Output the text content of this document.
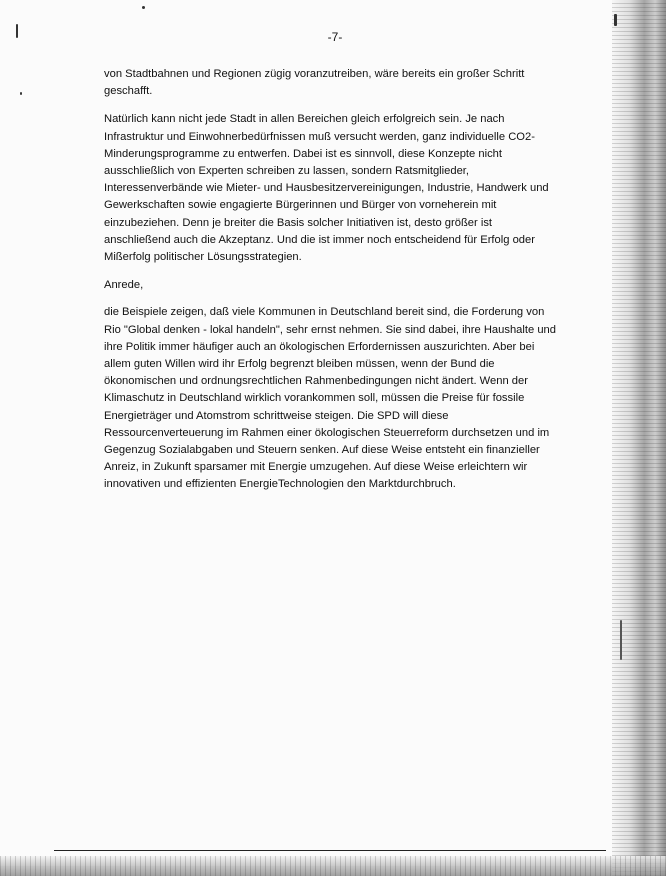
-7-

von Stadtbahnen und Regionen zügig voranzutreiben, wäre bereits ein großer Schritt geschafft.

Natürlich kann nicht jede Stadt in allen Bereichen gleich erfolgreich sein. Je nach Infrastruktur und Einwohnerbedürfnissen muß versucht werden, ganz individuelle CO2-Minderungsprogramme zu entwerfen. Dabei ist es sinnvoll, diese Konzepte nicht ausschließlich von Experten schreiben zu lassen, sondern Ratsmitglieder, Interessenverbände wie Mieter- und Hausbesitzervereinigungen, Industrie, Handwerk und Gewerkschaften sowie engagierte Bürgerinnen und Bürger von vorneherein mit einzubeziehen. Denn je breiter die Basis solcher Initiativen ist, desto größer ist anschließend auch die Akzeptanz. Und die ist immer noch entscheidend für Erfolg oder Mißerfolg politischer Lösungsstrategien.

Anrede,

die Beispiele zeigen, daß viele Kommunen in Deutschland bereit sind, die Forderung von Rio "Global denken - lokal handeln", sehr ernst nehmen. Sie sind dabei, ihre Haushalte und ihre Politik immer häufiger auch an ökologischen Erfordernissen auszurichten. Aber bei allem guten Willen wird ihr Erfolg begrenzt bleiben müssen, wenn der Bund die ökonomischen und ordnungsrechtlichen Rahmenbedingungen nicht ändert. Wenn der Klimaschutz in Deutschland wirklich vorankommen soll, müssen die Preise für fossile Energieträger und Atomstrom schrittweise steigen. Die SPD will diese Ressourcenverteuerung im Rahmen einer ökologischen Steuerreform durchsetzen und im Gegenzug Sozialabgaben und Steuern senken. Auf diese Weise entsteht ein finanzieller Anreiz, in Zukunft sparsamer mit Energie umzugehen. Auf diese Weise erleichtern wir innovativen und effizienten EnergieTechnologien den Marktdurchbruch.
